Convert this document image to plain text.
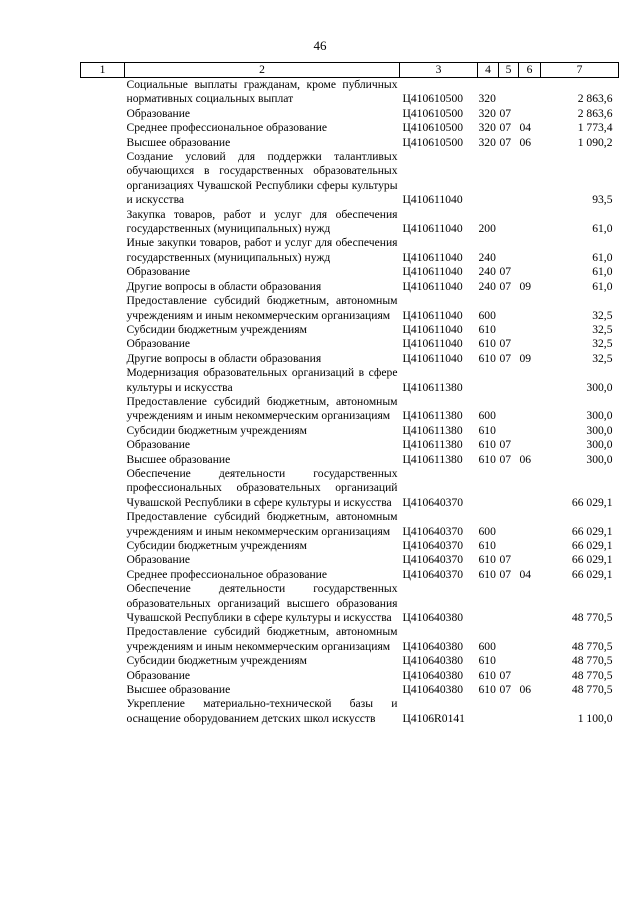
46
1	2	3	4	5	6	7
	Социальные выплаты гражданам, кроме публичных нормативных социальных выплат	Ц410610500	320			2 863,6
	Образование	Ц410610500	320	07		2 863,6
	Среднее профессиональное образование	Ц410610500	320	07	04	1 773,4
	Высшее образование	Ц410610500	320	07	06	1 090,2
	Создание условий для поддержки талантливых обучающихся в государственных образовательных организациях Чувашской Республики сферы культуры и искусства	Ц410611040				93,5
	Закупка товаров, работ и услуг для обеспечения государственных (муниципальных) нужд	Ц410611040	200			61,0
	Иные закупки товаров, работ и услуг для обеспечения государственных (муниципальных) нужд	Ц410611040	240			61,0
	Образование	Ц410611040	240	07		61,0
	Другие вопросы в области образования	Ц410611040	240	07	09	61,0
	Предоставление субсидий бюджетным, автономным учреждениям и иным некоммерческим организациям	Ц410611040	600			32,5
	Субсидии бюджетным учреждениям	Ц410611040	610			32,5
	Образование	Ц410611040	610	07		32,5
	Другие вопросы в области образования	Ц410611040	610	07	09	32,5
	Модернизация образовательных организаций в сфере культуры и искусства	Ц410611380				300,0
	Предоставление субсидий бюджетным, автономным учреждениям и иным некоммерческим организациям	Ц410611380	600			300,0
	Субсидии бюджетным учреждениям	Ц410611380	610			300,0
	Образование	Ц410611380	610	07		300,0
	Высшее образование	Ц410611380	610	07	06	300,0
	Обеспечение деятельности государственных профессиональных образовательных организаций Чувашской Республики в сфере культуры и искусства	Ц410640370				66 029,1
	Предоставление субсидий бюджетным, автономным учреждениям и иным некоммерческим организациям	Ц410640370	600			66 029,1
	Субсидии бюджетным учреждениям	Ц410640370	610			66 029,1
	Образование	Ц410640370	610	07		66 029,1
	Среднее профессиональное образование	Ц410640370	610	07	04	66 029,1
	Обеспечение деятельности государственных образовательных организаций высшего образования Чувашской Республики в сфере культуры и искусства	Ц410640380				48 770,5
	Предоставление субсидий бюджетным, автономным учреждениям и иным некоммерческим организациям	Ц410640380	600			48 770,5
	Субсидии бюджетным учреждениям	Ц410640380	610			48 770,5
	Образование	Ц410640380	610	07		48 770,5
	Высшее образование	Ц410640380	610	07	06	48 770,5
	Укрепление материально-технической базы и оснащение оборудованием детских школ искусств	Ц4106R0141				1 100,0
